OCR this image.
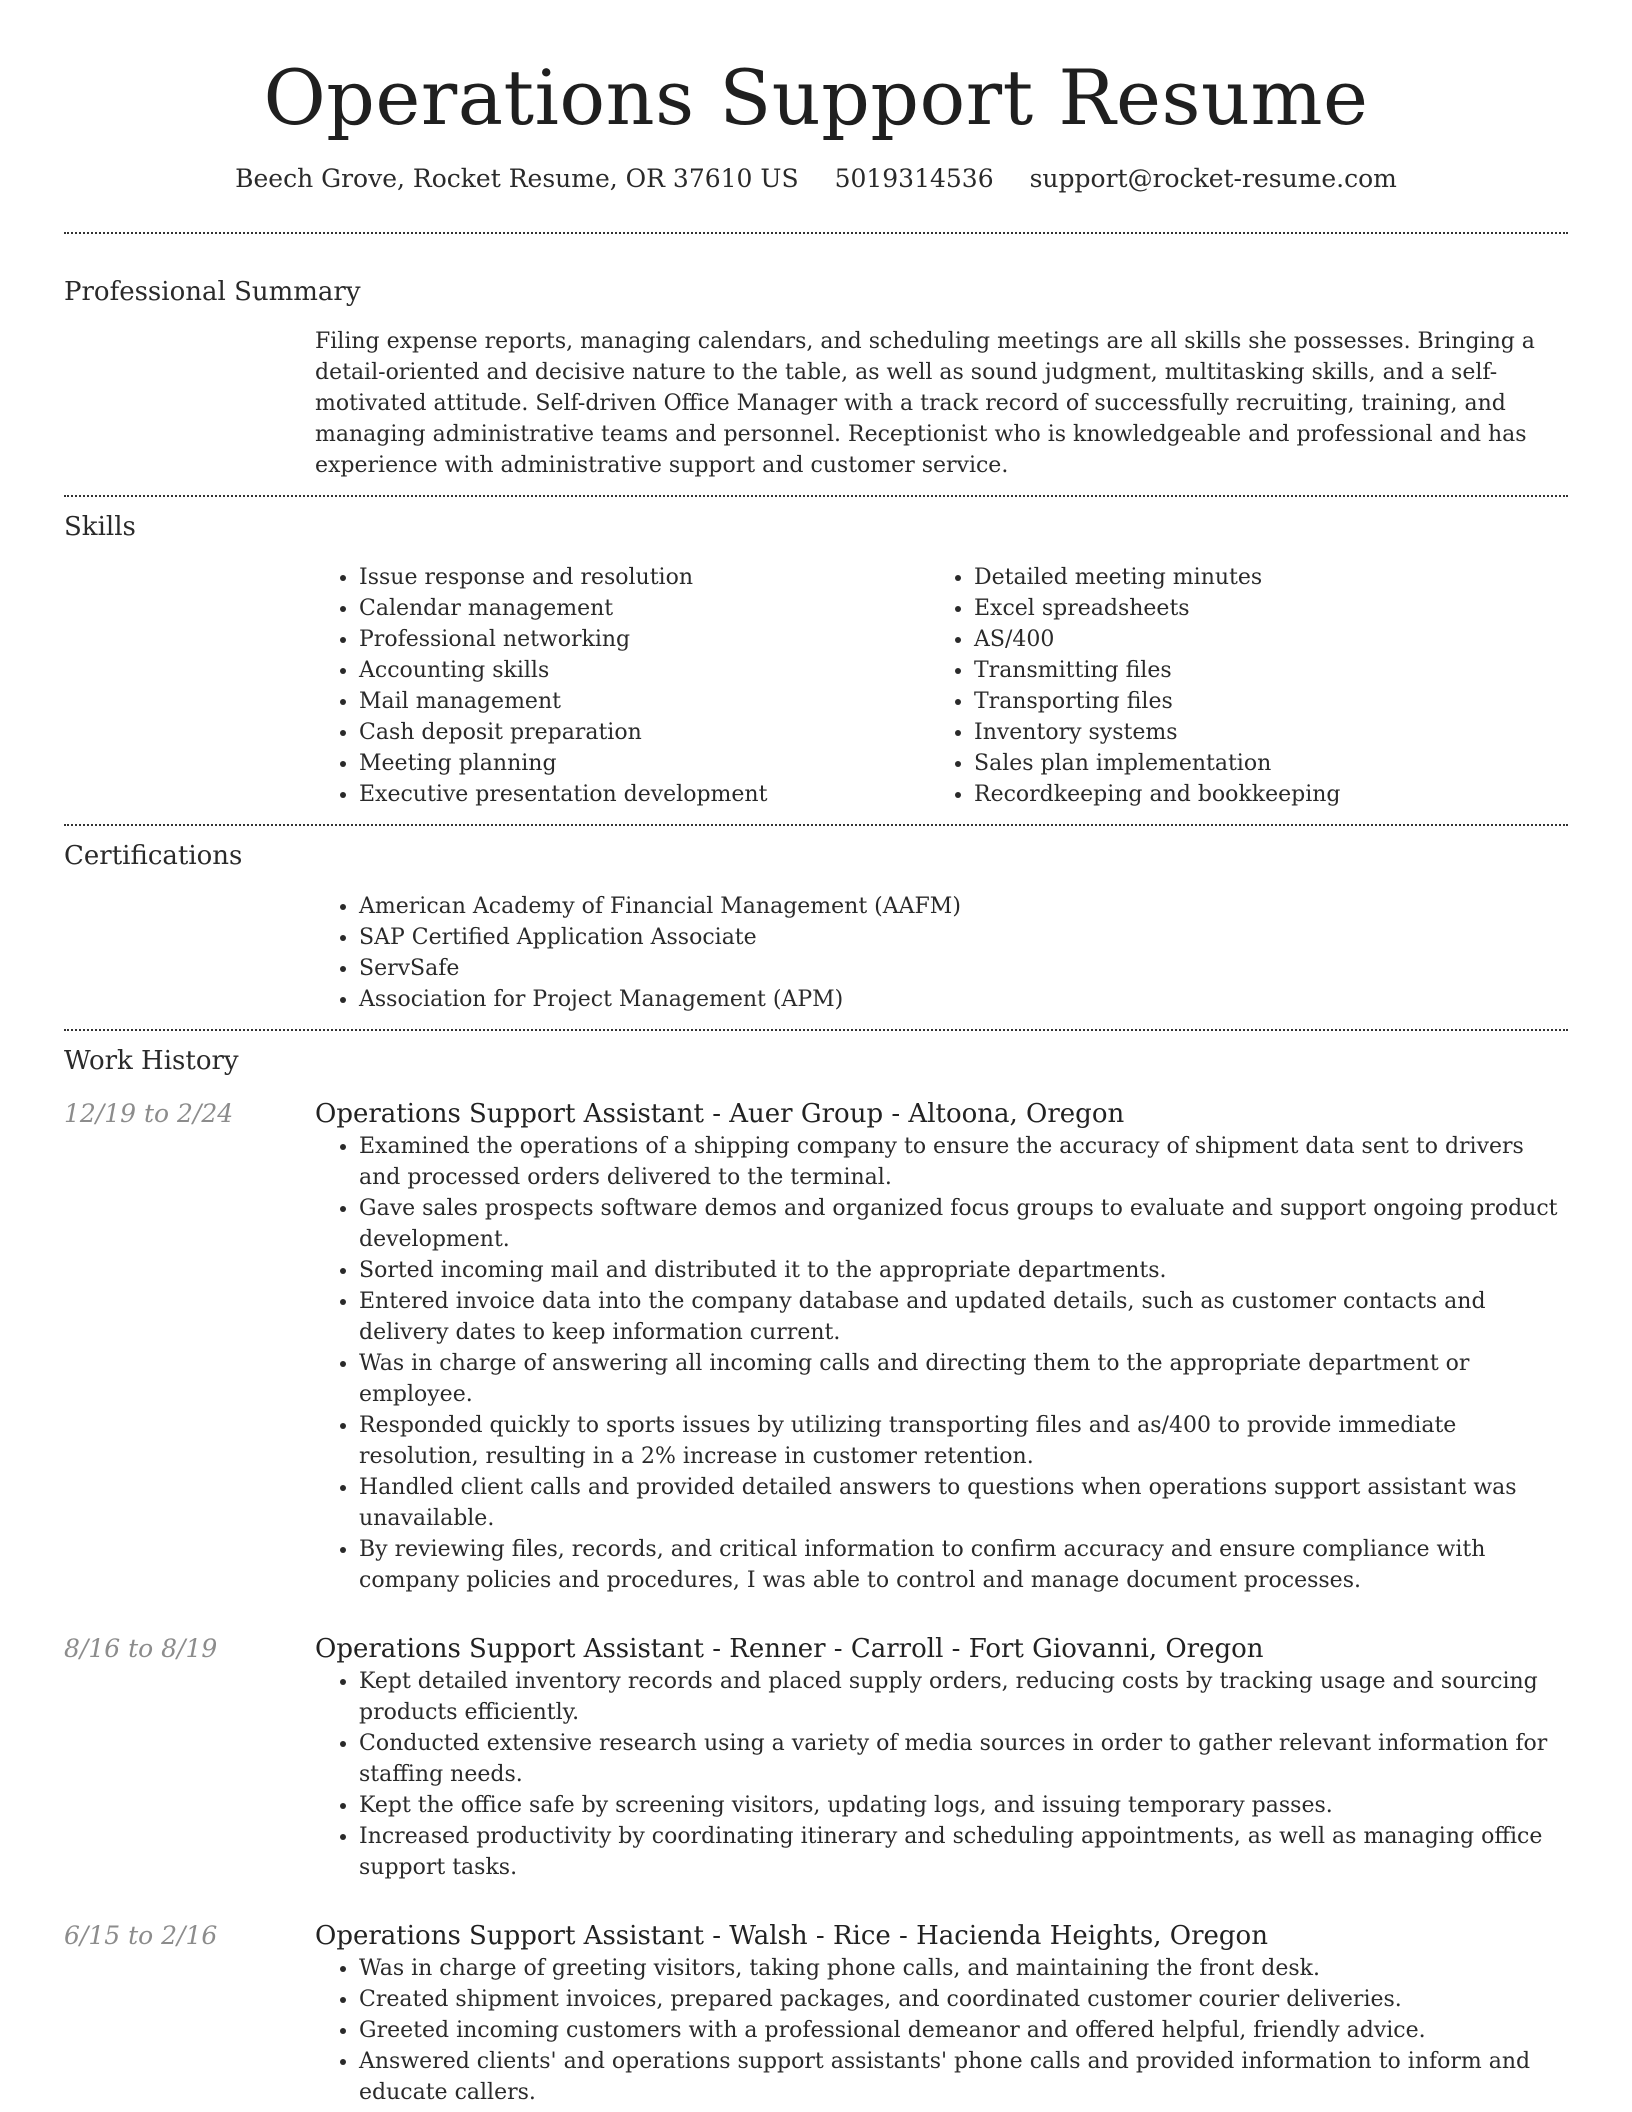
Operations Support Resume
Beech Grove, Rocket Resume, OR 37610 US 5019314536 support@rocket-resume.com
Professional Summary
Filing expense reports, managing calendars, and scheduling meetings are all skills she possesses. Bringing a detail-oriented and decisive nature to the table, as well as sound judgment, multitasking skills, and a self-motivated attitude. Self-driven Office Manager with a track record of successfully recruiting, training, and managing administrative teams and personnel. Receptionist who is knowledgeable and professional and has experience with administrative support and customer service.
Skills
• Issue response and resolution
• Calendar management
• Professional networking
• Accounting skills
• Mail management
• Cash deposit preparation
• Meeting planning
• Executive presentation development
• Detailed meeting minutes
• Excel spreadsheets
• AS/400
• Transmitting files
• Transporting files
• Inventory systems
• Sales plan implementation
• Recordkeeping and bookkeeping
Certifications
• American Academy of Financial Management (AAFM)
• SAP Certified Application Associate
• ServSafe
• Association for Project Management (APM)
Work History
12/19 to 2/24	Operations Support Assistant - Auer Group - Altoona, Oregon
• Examined the operations of a shipping company to ensure the accuracy of shipment data sent to drivers and processed orders delivered to the terminal.
• Gave sales prospects software demos and organized focus groups to evaluate and support ongoing product development.
• Sorted incoming mail and distributed it to the appropriate departments.
• Entered invoice data into the company database and updated details, such as customer contacts and delivery dates to keep information current.
• Was in charge of answering all incoming calls and directing them to the appropriate department or employee.
• Responded quickly to sports issues by utilizing transporting files and as/400 to provide immediate resolution, resulting in a 2% increase in customer retention.
• Handled client calls and provided detailed answers to questions when operations support assistant was unavailable.
• By reviewing files, records, and critical information to confirm accuracy and ensure compliance with company policies and procedures, I was able to control and manage document processes.
8/16 to 8/19	Operations Support Assistant - Renner - Carroll - Fort Giovanni, Oregon
• Kept detailed inventory records and placed supply orders, reducing costs by tracking usage and sourcing products efficiently.
• Conducted extensive research using a variety of media sources in order to gather relevant information for staffing needs.
• Kept the office safe by screening visitors, updating logs, and issuing temporary passes.
• Increased productivity by coordinating itinerary and scheduling appointments, as well as managing office support tasks.
6/15 to 2/16	Operations Support Assistant - Walsh - Rice - Hacienda Heights, Oregon
• Was in charge of greeting visitors, taking phone calls, and maintaining the front desk.
• Created shipment invoices, prepared packages, and coordinated customer courier deliveries.
• Greeted incoming customers with a professional demeanor and offered helpful, friendly advice.
• Answered clients' and operations support assistants' phone calls and provided information to inform and educate callers.
